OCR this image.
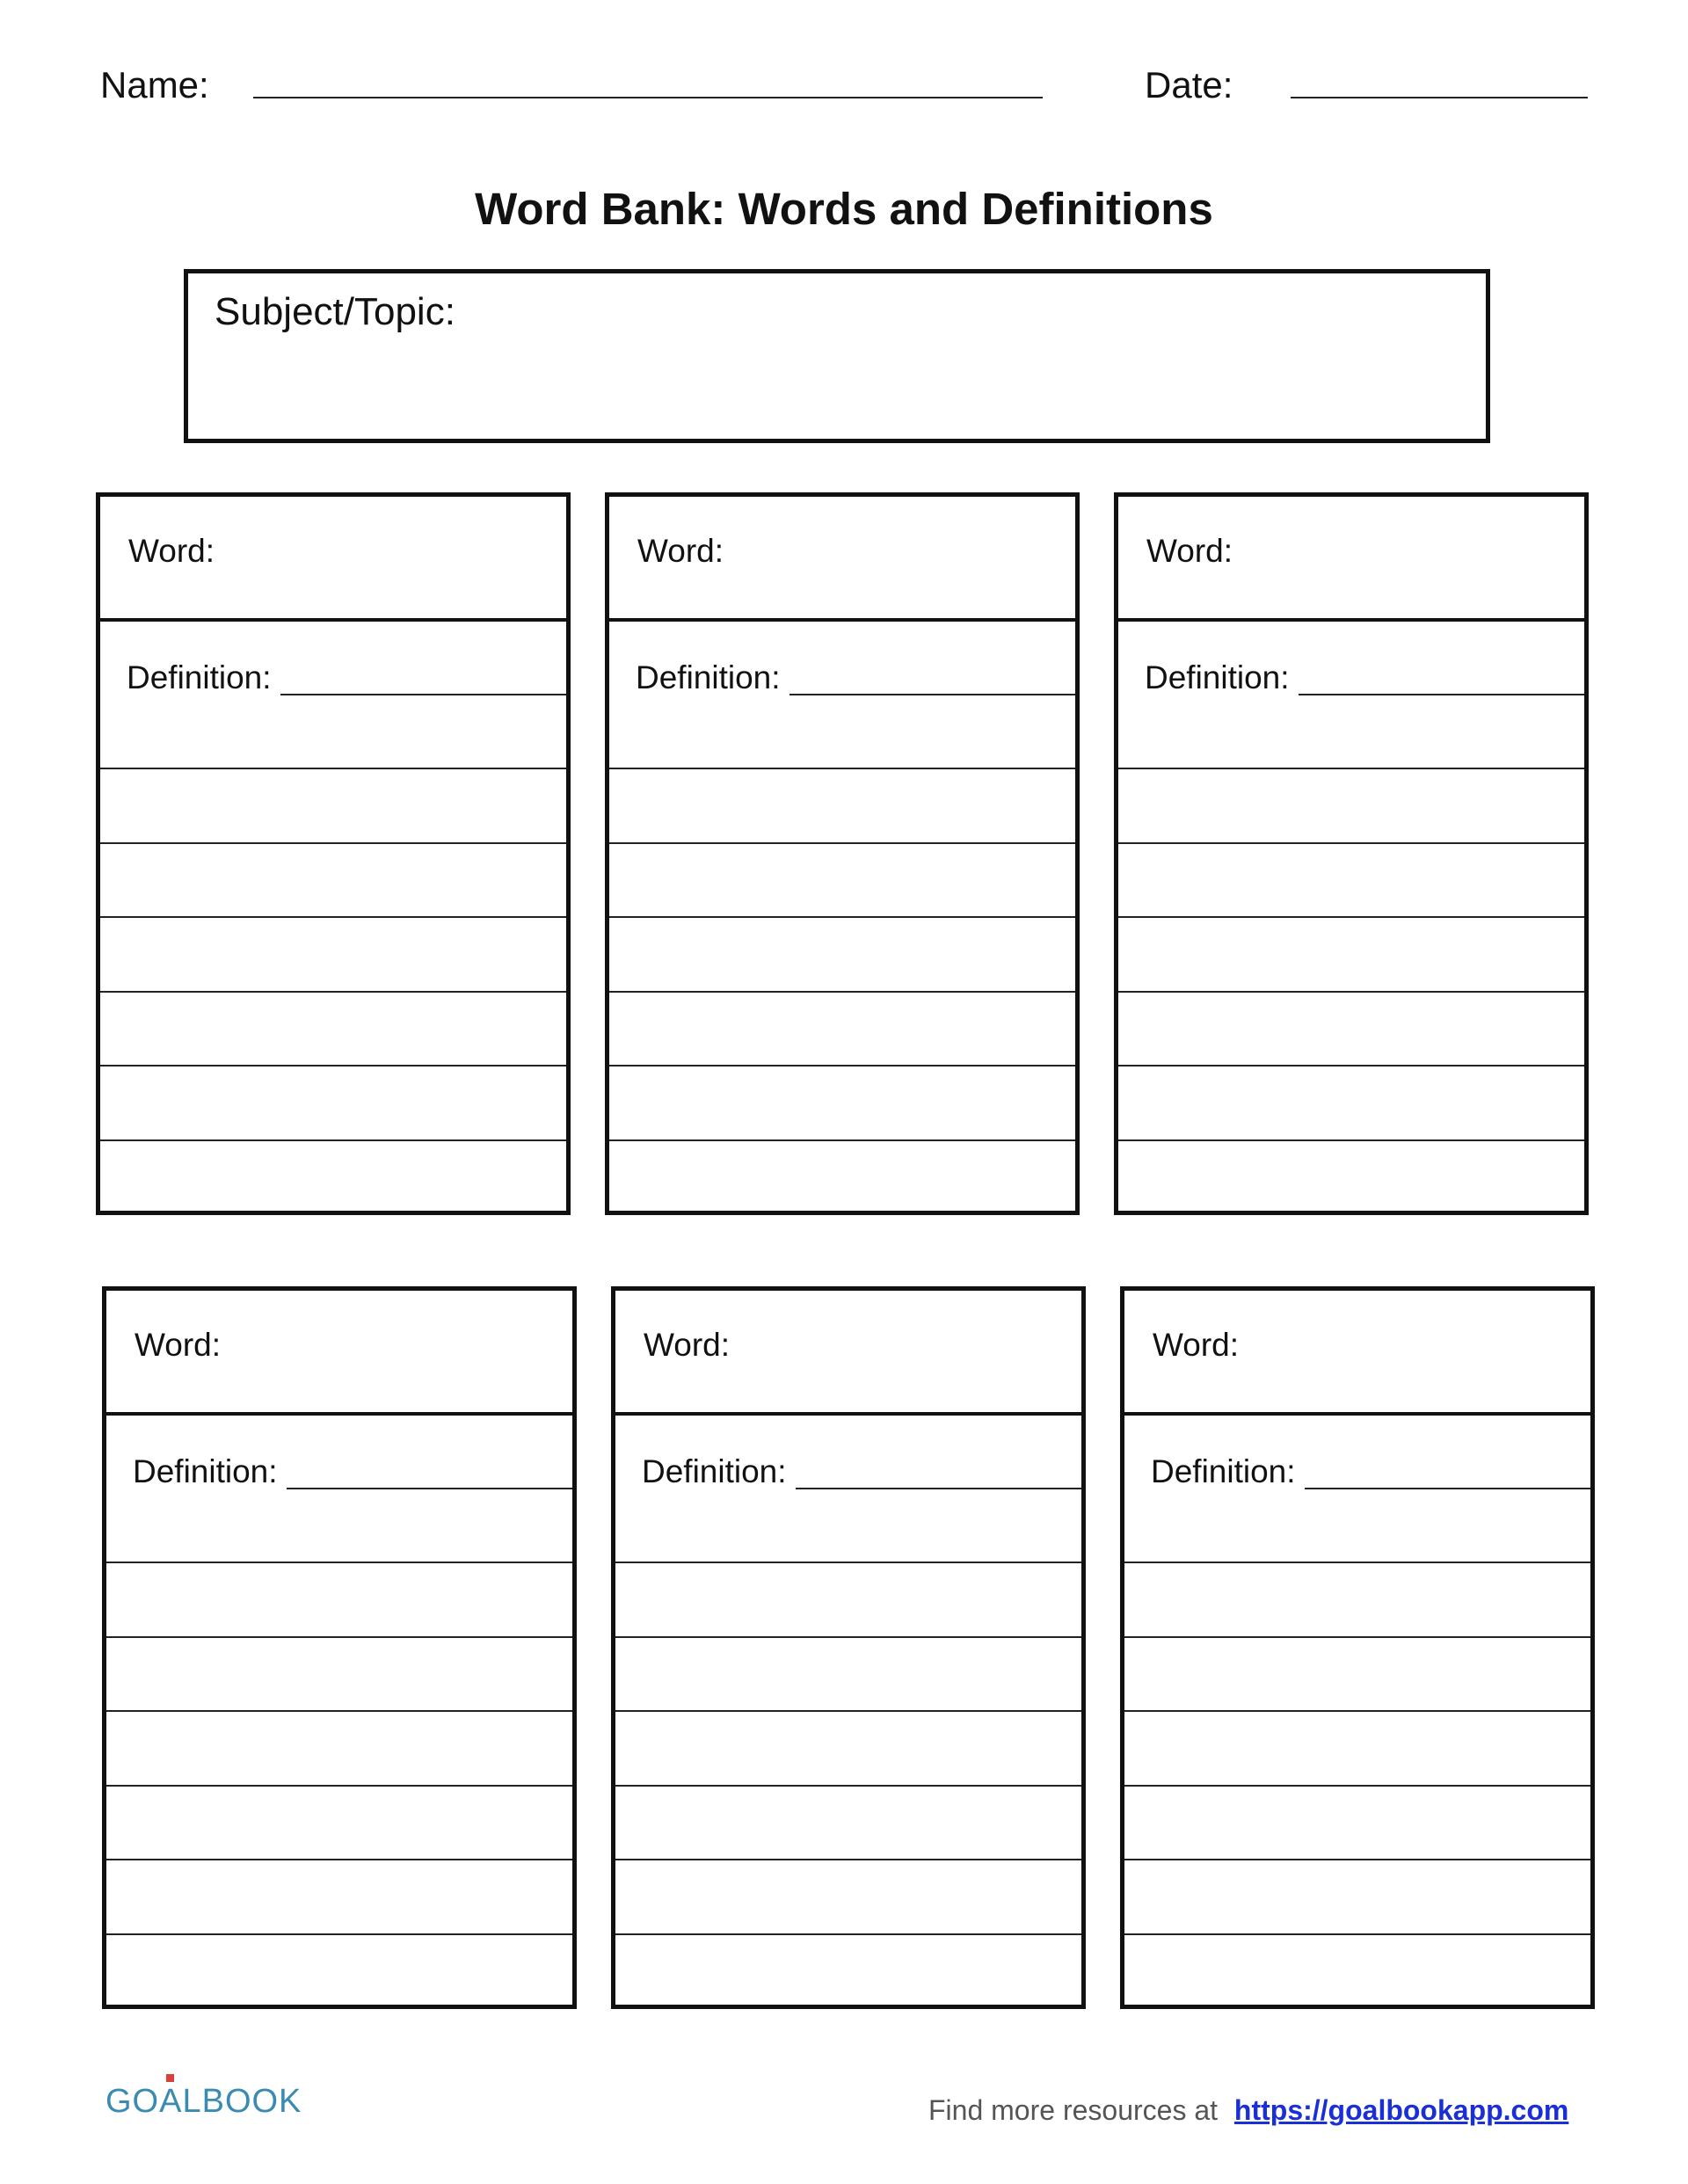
Name:	Date:
Word Bank: Words and Definitions
Subject/Topic:
Word:
Definition:
Word:
Definition:
Word:
Definition:
Word:
Definition:
Word:
Definition:
Word:
Definition:
GOALBOOK	Find more resources at https://goalbookapp.com
